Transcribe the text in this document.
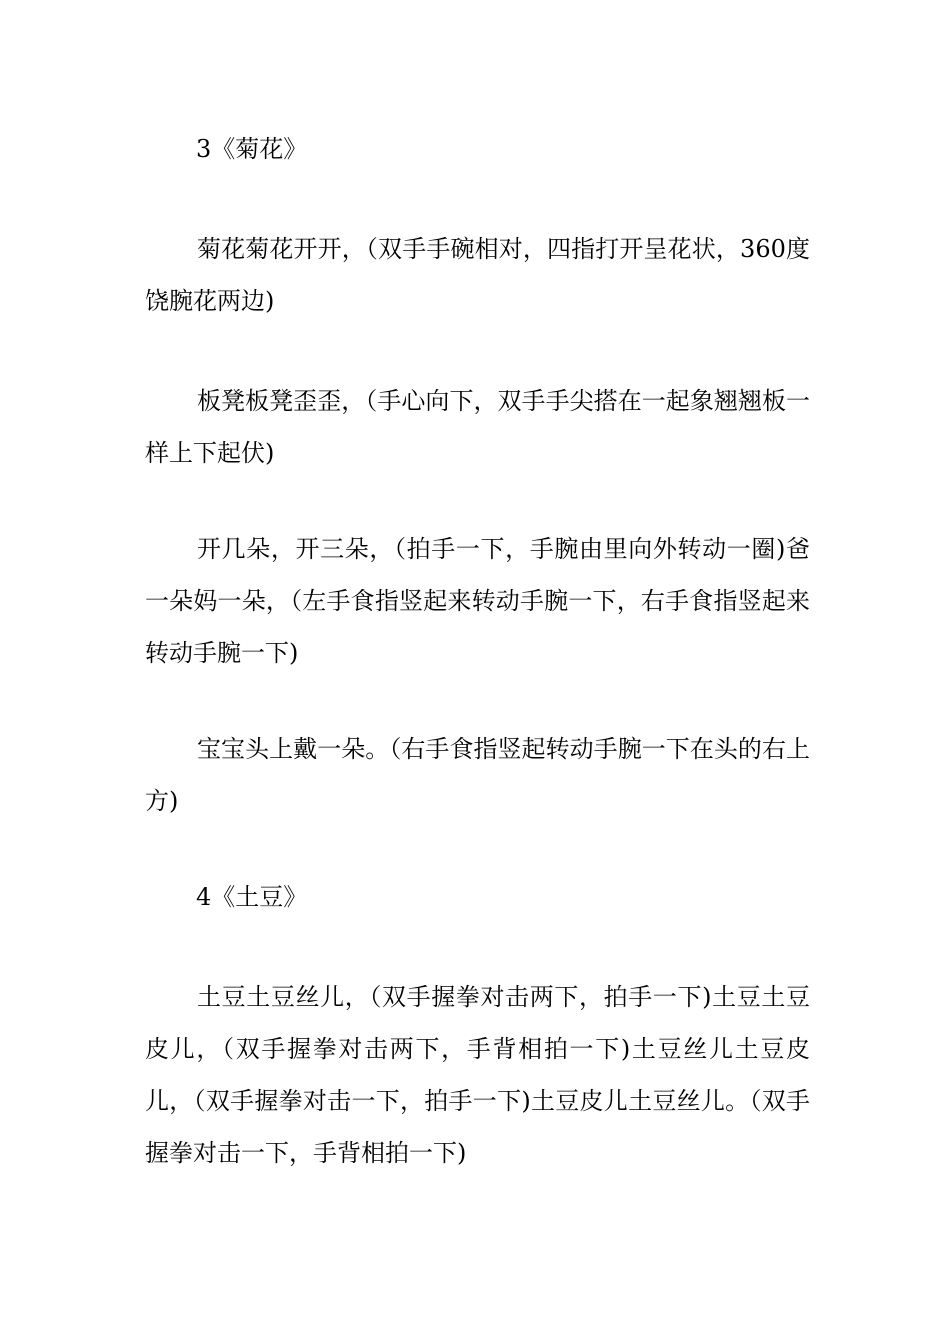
3《菊花》

菊花菊花开开，（双手手碗相对，四指打开呈花状，360度饶腕花两边)

板凳板凳歪歪，（手心向下，双手手尖搭在一起象翘翘板一样上下起伏)

开几朵，开三朵，（拍手一下，手腕由里向外转动一圈)爸一朵妈一朵，（左手食指竖起来转动手腕一下，右手食指竖起来转动手腕一下)

宝宝头上戴一朵。（右手食指竖起转动手腕一下在头的右上方)

4《土豆》

土豆土豆丝儿，（双手握拳对击两下，拍手一下)土豆土豆皮儿，（双手握拳对击两下，手背相拍一下)土豆丝儿土豆皮儿，（双手握拳对击一下，拍手一下)土豆皮儿土豆丝儿。（双手握拳对击一下，手背相拍一下)
